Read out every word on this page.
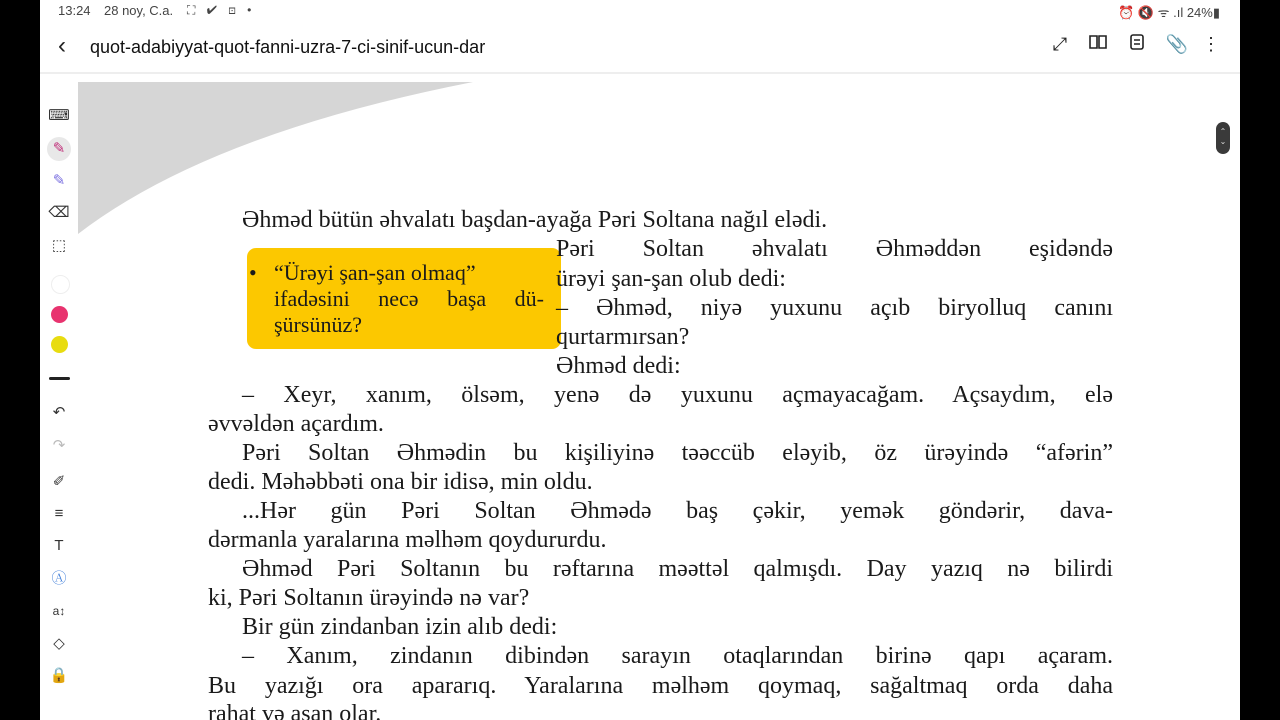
13:24 28 noy, C.a. ⛶ ✔ ⊡ •	⏰ 🔇 ᯤ .ıl 24%▮
‹ quot-adabiyyat-quot-fanni-uzra-7-ci-sinif-ucun-dar	⤢	📎 ⋮
⌨
✎
✎
⌫
⬚
↶
↷
✐
≡
T
Ⓐ
a↕
◇
🔒
⌃
⌄
• “Ürəyi şan-şan olmaq”
ifadəsini necə başa dü-
şürsünüz?
Əhməd bütün əhvalatı başdan-ayağa Pəri Soltana nağıl elədi.
Pəri Soltan əhvalatı Əhməddən eşidəndə
ürəyi şan-şan olub dedi:
– Əhməd, niyə yuxunu açıb biryolluq canını
qurtarmırsan?
Əhməd dedi:
– Xeyr, xanım, ölsəm, yenə də yuxunu açmayacağam. Açsaydım, elə
əvvəldən açardım.
Pəri Soltan Əhmədin bu kişiliyinə təəccüb eləyib, öz ürəyində “afərin”
dedi. Məhəbbəti ona bir idisə, min oldu.
...Hər gün Pəri Soltan Əhmədə baş çəkir, yemək göndərir, dava-
dərmanla yaralarına məlhəm qoydururdu.
Əhməd Pəri Soltanın bu rəftarına məəttəl qalmışdı. Day yazıq nə bilirdi
ki, Pəri Soltanın ürəyində nə var?
Bir gün zindanban izin alıb dedi:
– Xanım, zindanın dibindən sarayın otaqlarından birinə qapı açaram.
Bu yazığı ora apararıq. Yaralarına məlhəm qoymaq, sağaltmaq orda daha
rahat və asan olar.
